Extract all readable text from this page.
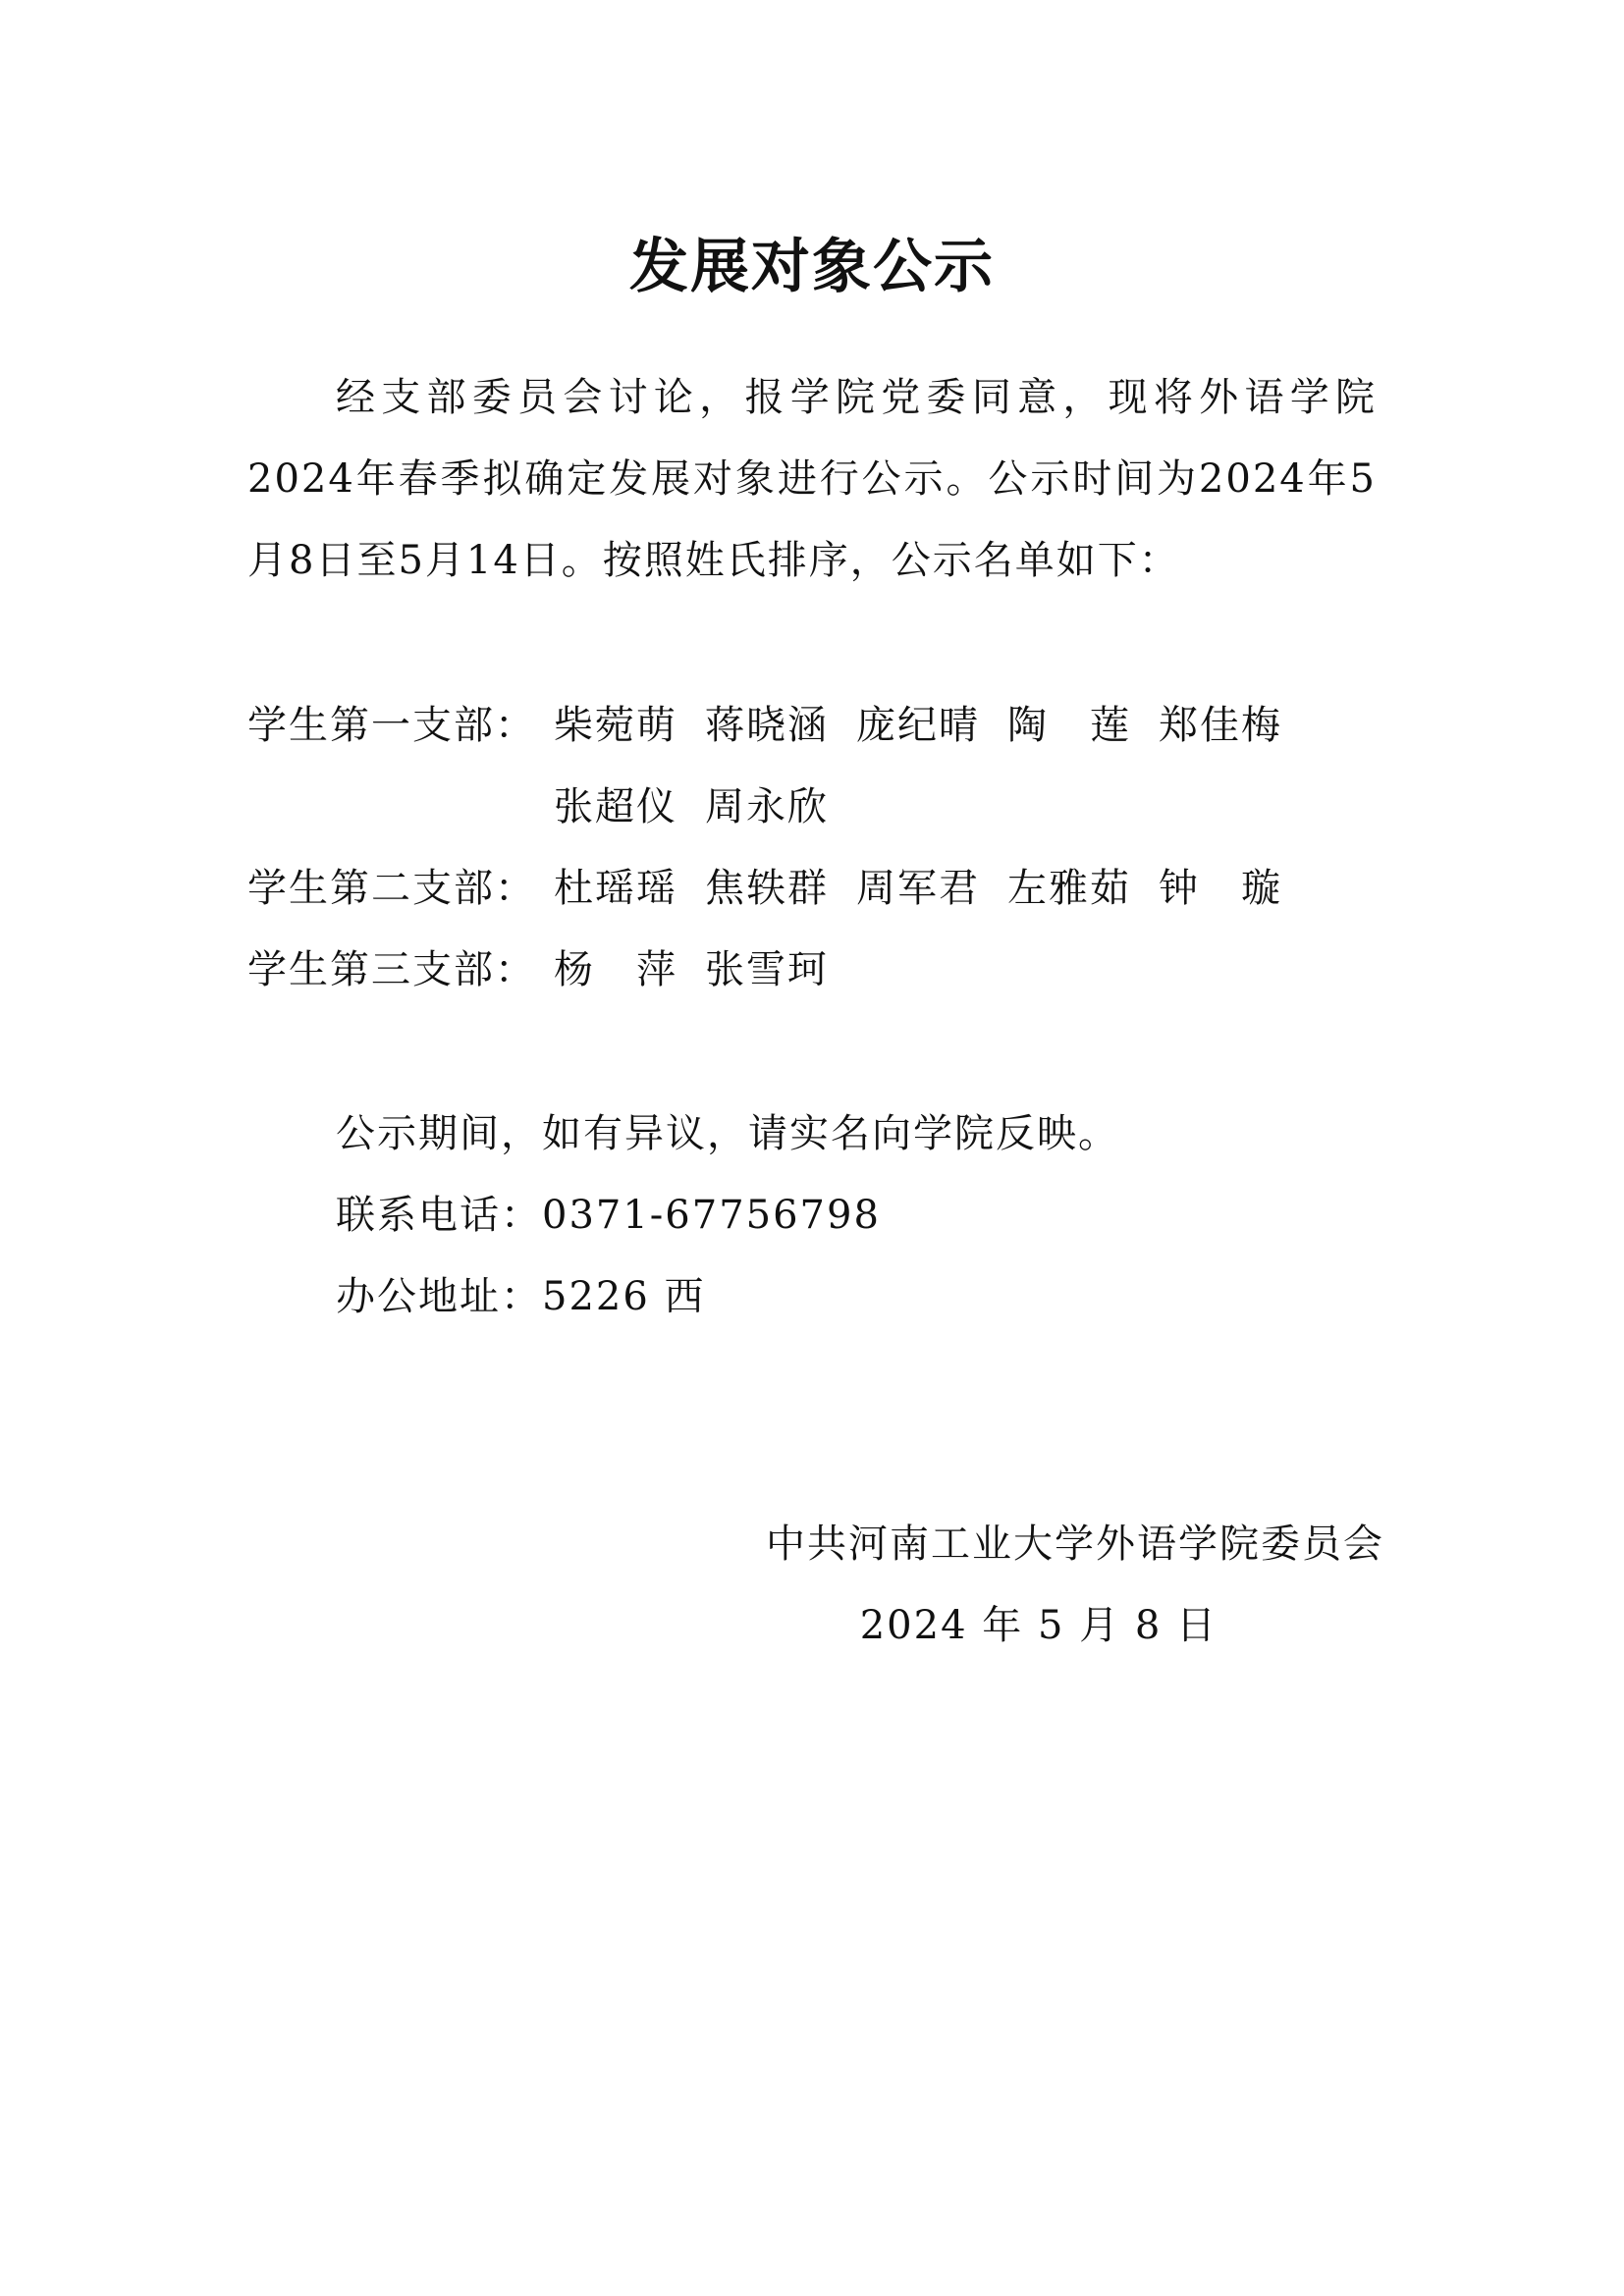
发展对象公示
经支部委员会讨论，报学院党委同意，现将外语学院2024年春季拟确定发展对象进行公示。公示时间为2024年5月8日至5月14日。按照姓氏排序，公示名单如下：
学生第一支部： 柴菀萌 蒋晓涵 庞纪晴 陶　莲 郑佳梅
张超仪 周永欣
学生第二支部： 杜瑶瑶 焦轶群 周军君 左雅茹 钟　璇
学生第三支部： 杨　萍 张雪珂
公示期间，如有异议，请实名向学院反映。
联系电话：0371-67756798
办公地址：5226 西
中共河南工业大学外语学院委员会
2024 年 5 月 8 日
